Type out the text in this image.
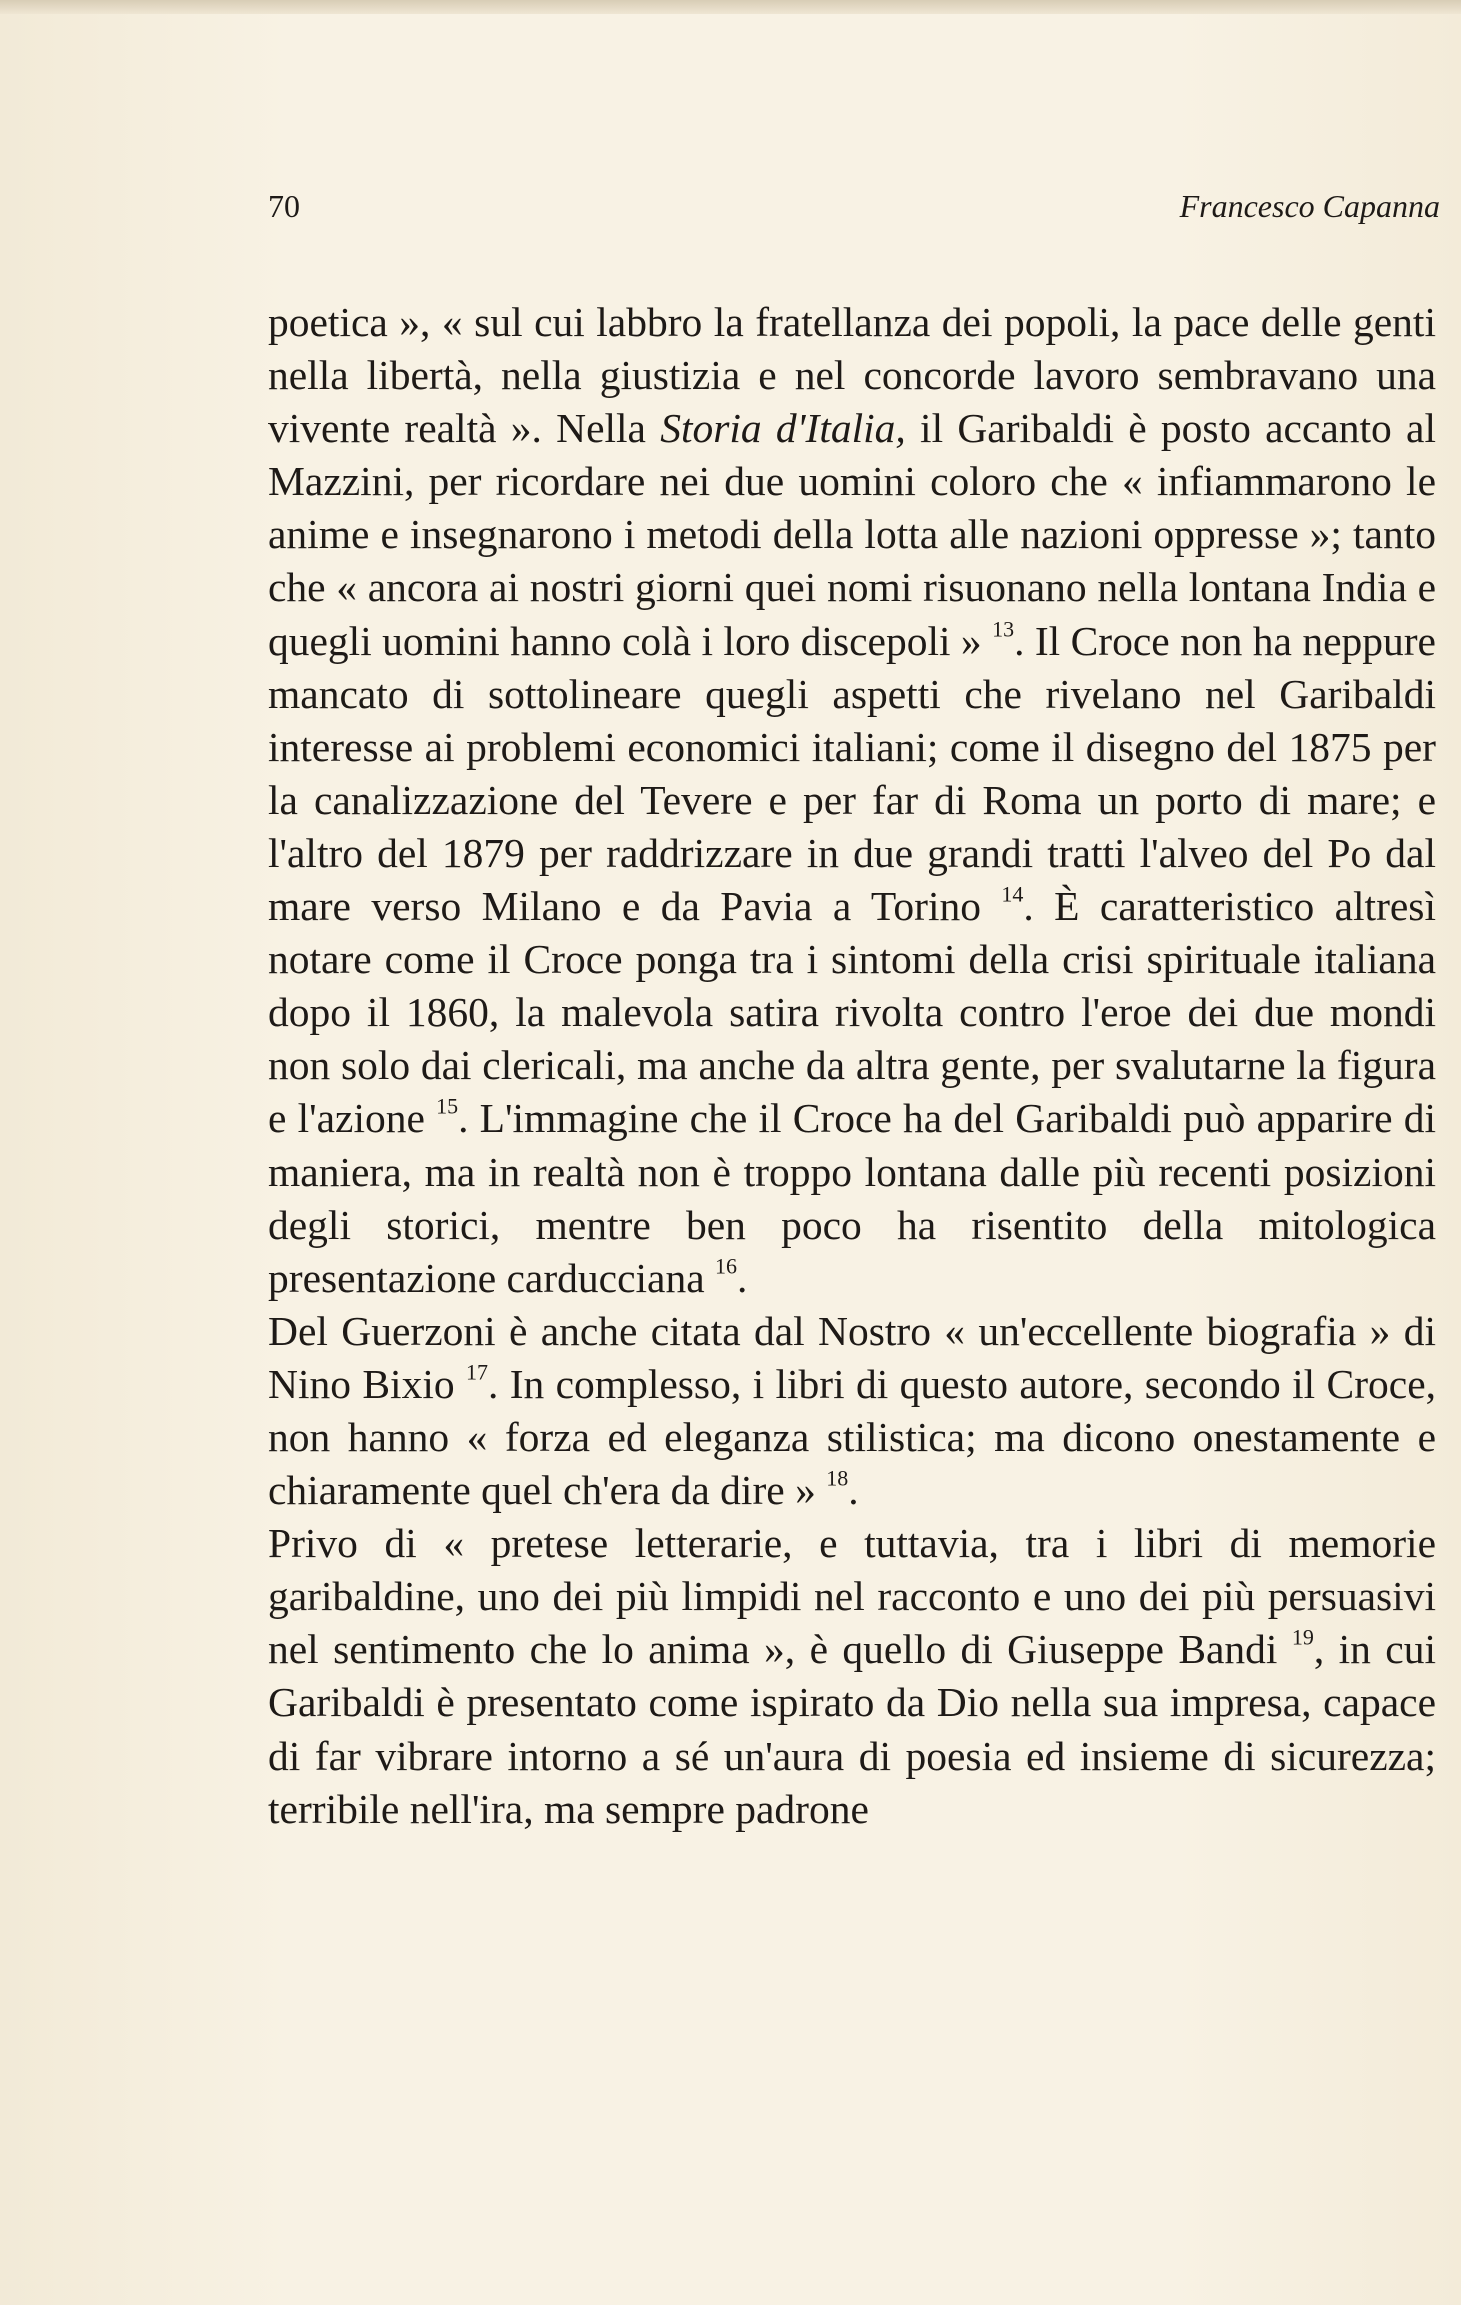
70	Francesco Capanna

poetica », « sul cui labbro la fratellanza dei popoli, la pace delle genti nella libertà, nella giustizia e nel concorde lavoro sembravano una vivente realtà ». Nella Storia d'Italia, il Garibaldi è posto accanto al Mazzini, per ricordare nei due uomini coloro che « infiammarono le anime e insegnarono i metodi della lotta alle nazioni oppresse »; tanto che « ancora ai nostri giorni quei nomi risuonano nella lontana India e quegli uomini hanno colà i loro discepoli » $^{13}$. Il Croce non ha neppure mancato di sottolineare quegli aspetti che rivelano nel Garibaldi interesse ai problemi economici italiani; come il disegno del 1875 per la canalizzazione del Tevere e per far di Roma un porto di mare; e l'altro del 1879 per raddrizzare in due grandi tratti l'alveo del Po dal mare verso Milano e da Pavia a Torino $^{14}$. È caratteristico altresì notare come il Croce ponga tra i sintomi della crisi spirituale italiana dopo il 1860, la malevola satira rivolta contro l'eroe dei due mondi non solo dai clericali, ma anche da altra gente, per svalutarne la figura e l'azione $^{15}$. L'immagine che il Croce ha del Garibaldi può apparire di maniera, ma in realtà non è troppo lontana dalle più recenti posizioni degli storici, mentre ben poco ha risentito della mitologica presentazione carducciana $^{16}$.

Del Guerzoni è anche citata dal Nostro « un'eccellente biografia » di Nino Bixio $^{17}$. In complesso, i libri di questo autore, secondo il Croce, non hanno « forza ed eleganza stilistica; ma dicono onestamente e chiaramente quel ch'era da dire » $^{18}$.

Privo di « pretese letterarie, e tuttavia, tra i libri di memorie garibaldine, uno dei più limpidi nel racconto e uno dei più persuasivi nel sentimento che lo anima », è quello di Giuseppe Bandi $^{19}$, in cui Garibaldi è presentato come ispirato da Dio nella sua impresa, capace di far vibrare intorno a sé un'aura di poesia ed insieme di sicurezza; terribile nell'ira, ma sempre padrone
